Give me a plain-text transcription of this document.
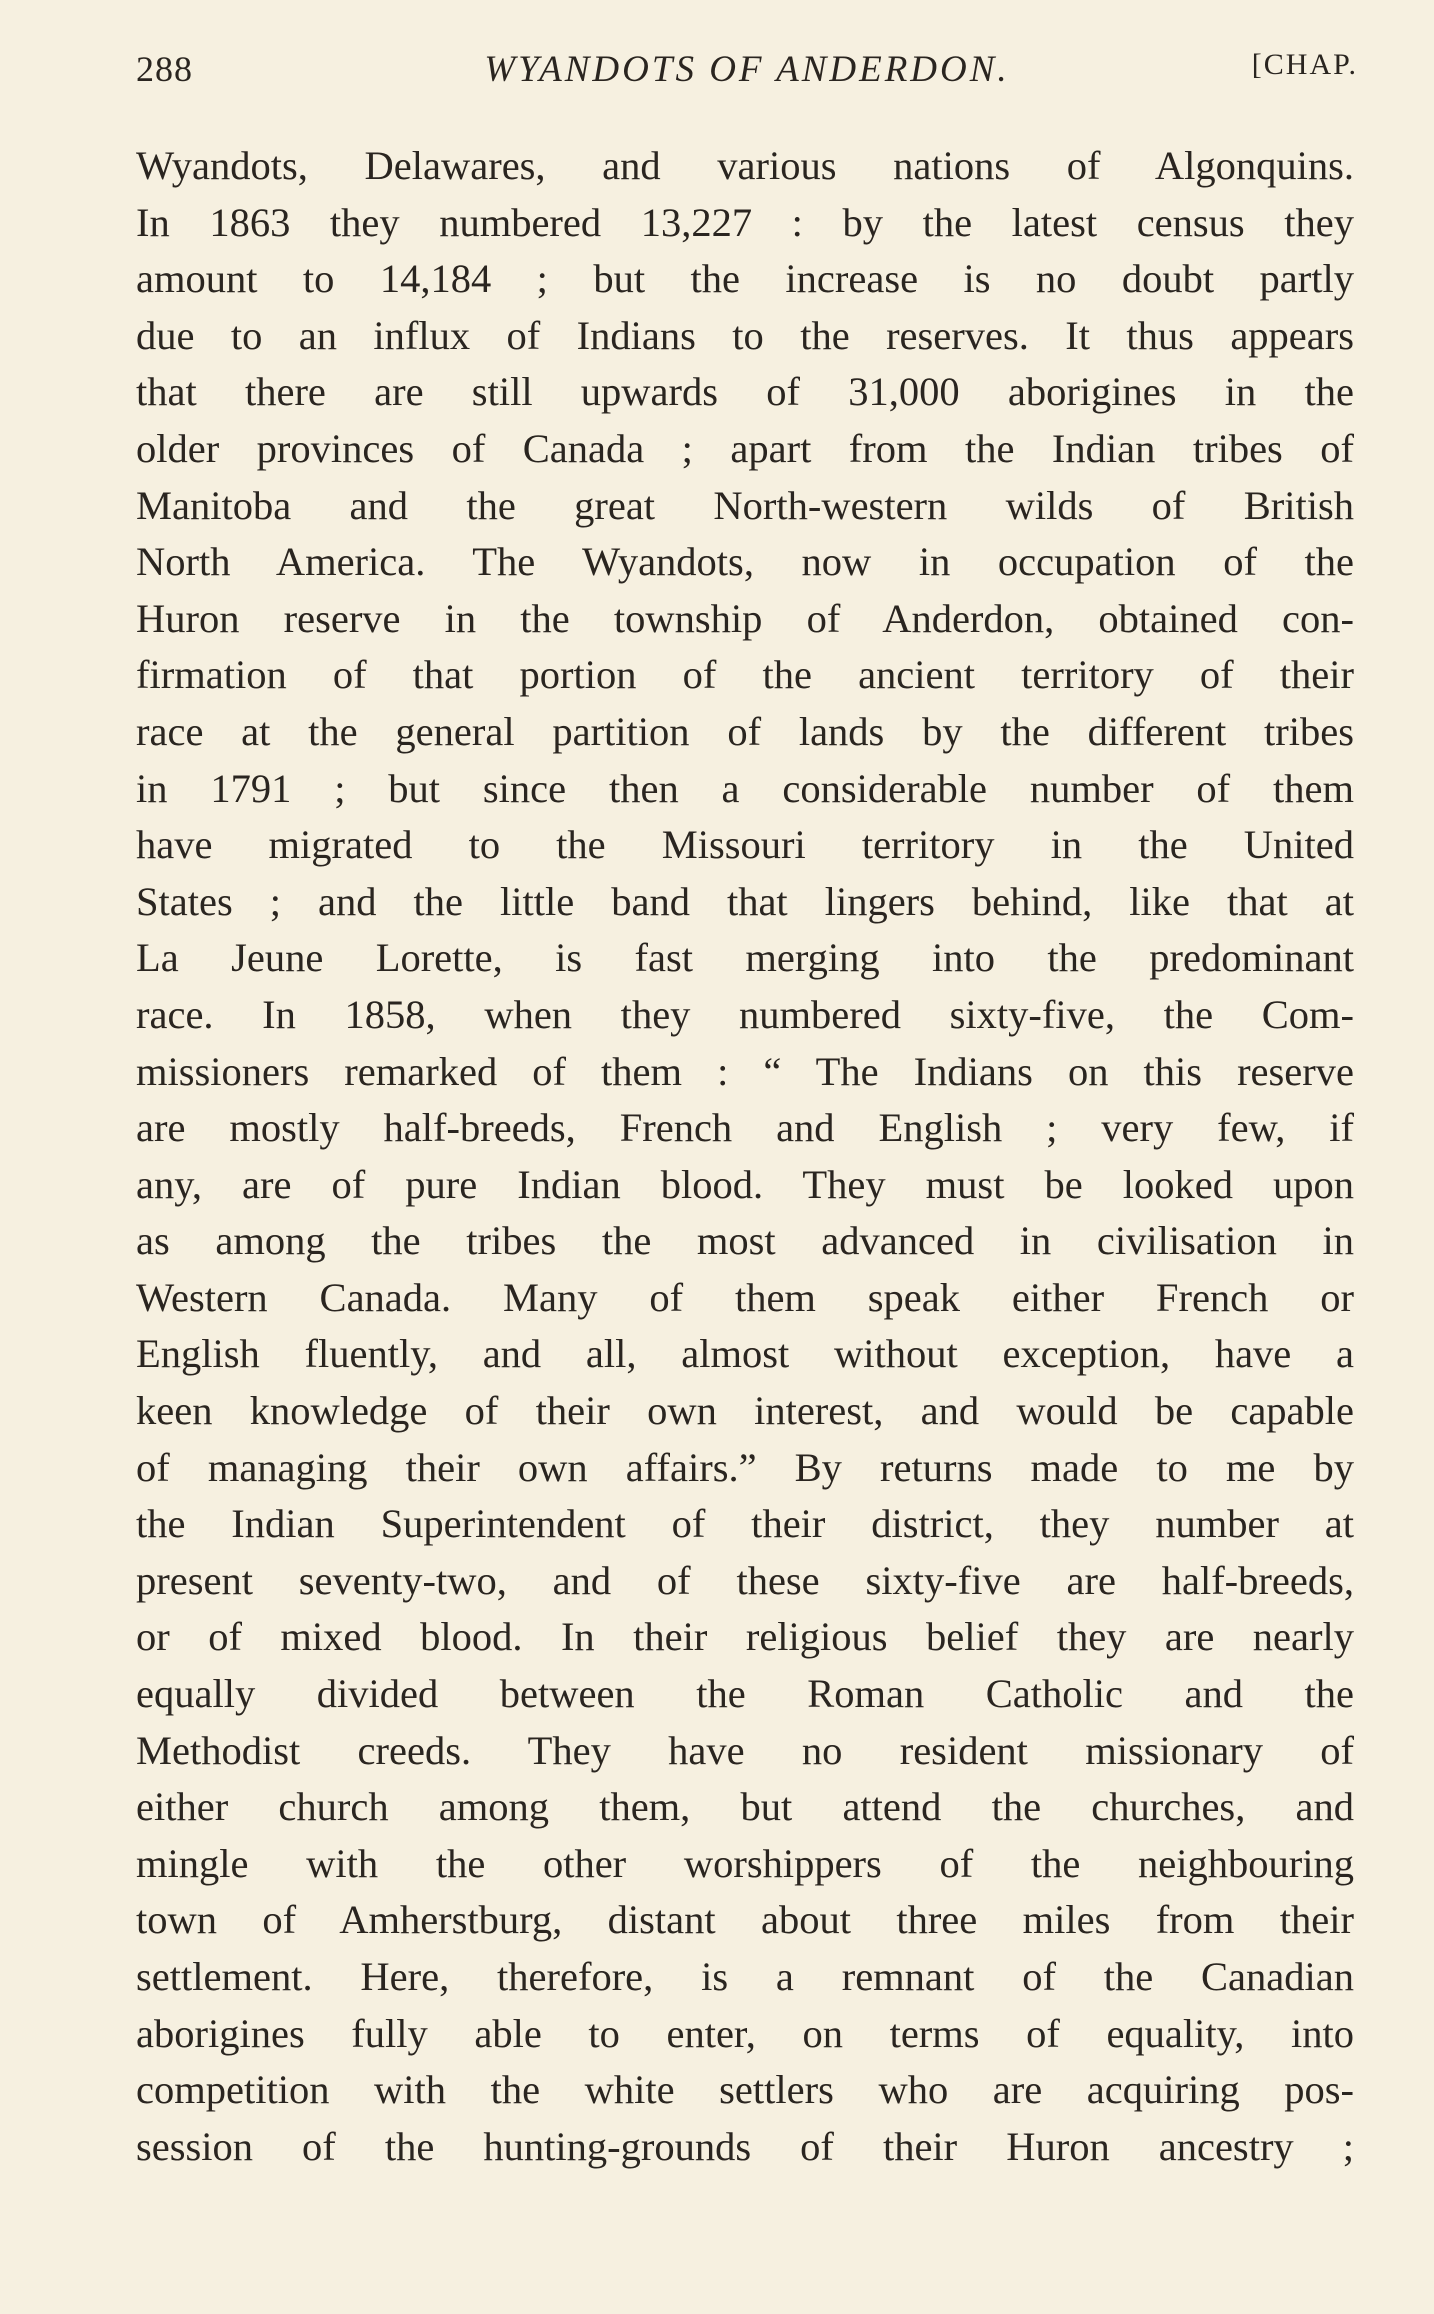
288	WYANDOTS OF ANDERDON.	[CHAP.
Wyandots, Delawares, and various nations of Algonquins.
In 1863 they numbered 13,227 : by the latest census they
amount to 14,184 ; but the increase is no doubt partly
due to an influx of Indians to the reserves. It thus appears
that there are still upwards of 31,000 aborigines in the
older provinces of Canada ; apart from the Indian tribes of
Manitoba and the great North-western wilds of British
North America. The Wyandots, now in occupation of the
Huron reserve in the township of Anderdon, obtained con-
firmation of that portion of the ancient territory of their
race at the general partition of lands by the different tribes
in 1791 ; but since then a considerable number of them
have migrated to the Missouri territory in the United
States ; and the little band that lingers behind, like that at
La Jeune Lorette, is fast merging into the predominant
race. In 1858, when they numbered sixty-five, the Com-
missioners remarked of them : “ The Indians on this reserve
are mostly half-breeds, French and English ; very few, if
any, are of pure Indian blood. They must be looked upon
as among the tribes the most advanced in civilisation in
Western Canada. Many of them speak either French or
English fluently, and all, almost without exception, have a
keen knowledge of their own interest, and would be capable
of managing their own affairs.” By returns made to me by
the Indian Superintendent of their district, they number at
present seventy-two, and of these sixty-five are half-breeds,
or of mixed blood. In their religious belief they are nearly
equally divided between the Roman Catholic and the
Methodist creeds. They have no resident missionary of
either church among them, but attend the churches, and
mingle with the other worshippers of the neighbouring
town of Amherstburg, distant about three miles from their
settlement. Here, therefore, is a remnant of the Canadian
aborigines fully able to enter, on terms of equality, into
competition with the white settlers who are acquiring pos-
session of the hunting-grounds of their Huron ancestry ;
